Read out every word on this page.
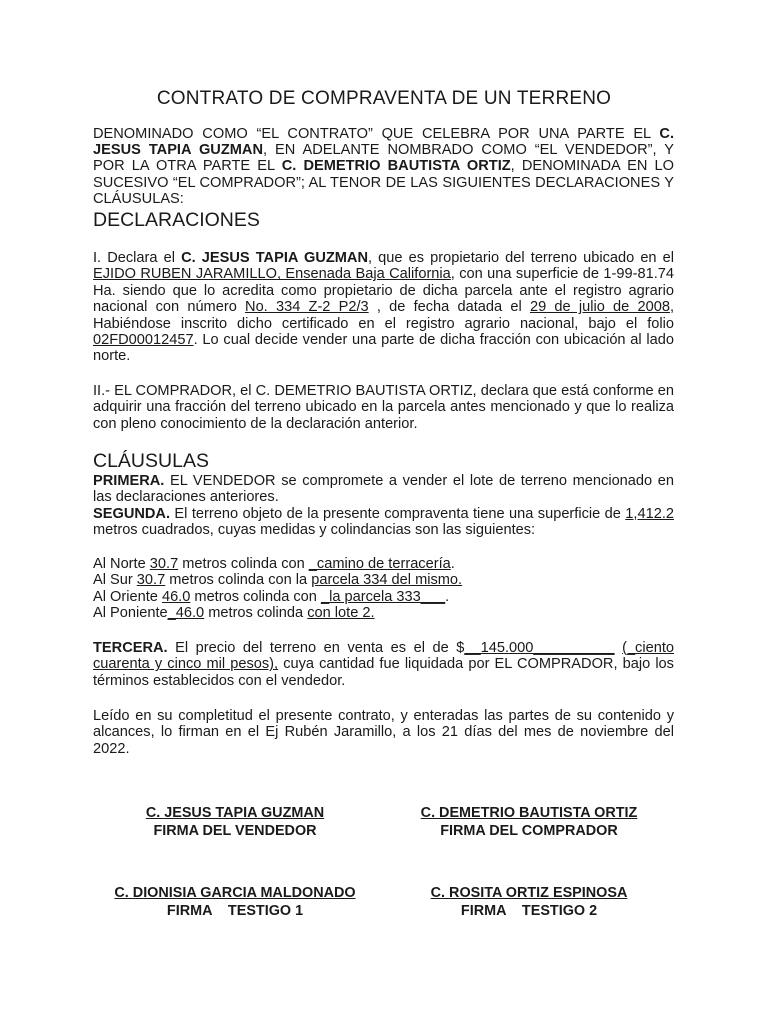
CONTRATO DE COMPRAVENTA DE UN TERRENO

DENOMINADO COMO “EL CONTRATO” QUE CELEBRA POR UNA PARTE EL C. JESUS TAPIA GUZMAN, EN ADELANTE NOMBRADO COMO “EL VENDEDOR”, Y POR LA OTRA PARTE EL C. DEMETRIO BAUTISTA ORTIZ, DENOMINADA EN LO SUCESIVO “EL COMPRADOR”; AL TENOR DE LAS SIGUIENTES DECLARACIONES Y CLÁUSULAS:

DECLARACIONES

I. Declara el C. JESUS TAPIA GUZMAN, que es propietario del terreno ubicado en el EJIDO RUBEN JARAMILLO, Ensenada Baja California, con una superficie de 1-99-81.74 Ha. siendo que lo acredita como propietario de dicha parcela ante el registro agrario nacional con número No. 334 Z-2 P2/3 , de fecha datada el 29 de julio de 2008, Habiéndose inscrito dicho certificado en el registro agrario nacional, bajo el folio 02FD00012457. Lo cual decide vender una parte de dicha fracción con ubicación al lado norte.

II.- EL COMPRADOR, el C. DEMETRIO BAUTISTA ORTIZ, declara que está conforme en adquirir una fracción del terreno ubicado en la parcela antes mencionado y que lo realiza con pleno conocimiento de la declaración anterior.

CLÁUSULAS

PRIMERA. EL VENDEDOR se compromete a vender el lote de terreno mencionado en las declaraciones anteriores.

SEGUNDA. El terreno objeto de la presente compraventa tiene una superficie de 1,412.2 metros cuadrados, cuyas medidas y colindancias son las siguientes:

Al Norte 30.7 metros colinda con _camino de terracería.

Al Sur 30.7 metros colinda con la parcela 334 del mismo.

Al Oriente 46.0 metros colinda con _la parcela 333___.

Al Poniente_46.0 metros colinda con lote 2.

TERCERA. El precio del terreno en venta es el de $__145.000__________ (_ciento cuarenta y cinco mil pesos), cuya cantidad fue liquidada por EL COMPRADOR, bajo los términos establecidos con el vendedor.

Leído en su completitud el presente contrato, y enteradas las partes de su contenido y alcances, lo firman en el Ej Rubén Jaramillo, a los 21 días del mes de noviembre del 2022.

C. JESUS TAPIA GUZMAN
FIRMA DEL VENDEDOR
C. DEMETRIO BAUTISTA ORTIZ
FIRMA DEL COMPRADOR
C. DIONISIA GARCIA MALDONADO
FIRMA    TESTIGO 1
C. ROSITA ORTIZ ESPINOSA
FIRMA    TESTIGO 2
